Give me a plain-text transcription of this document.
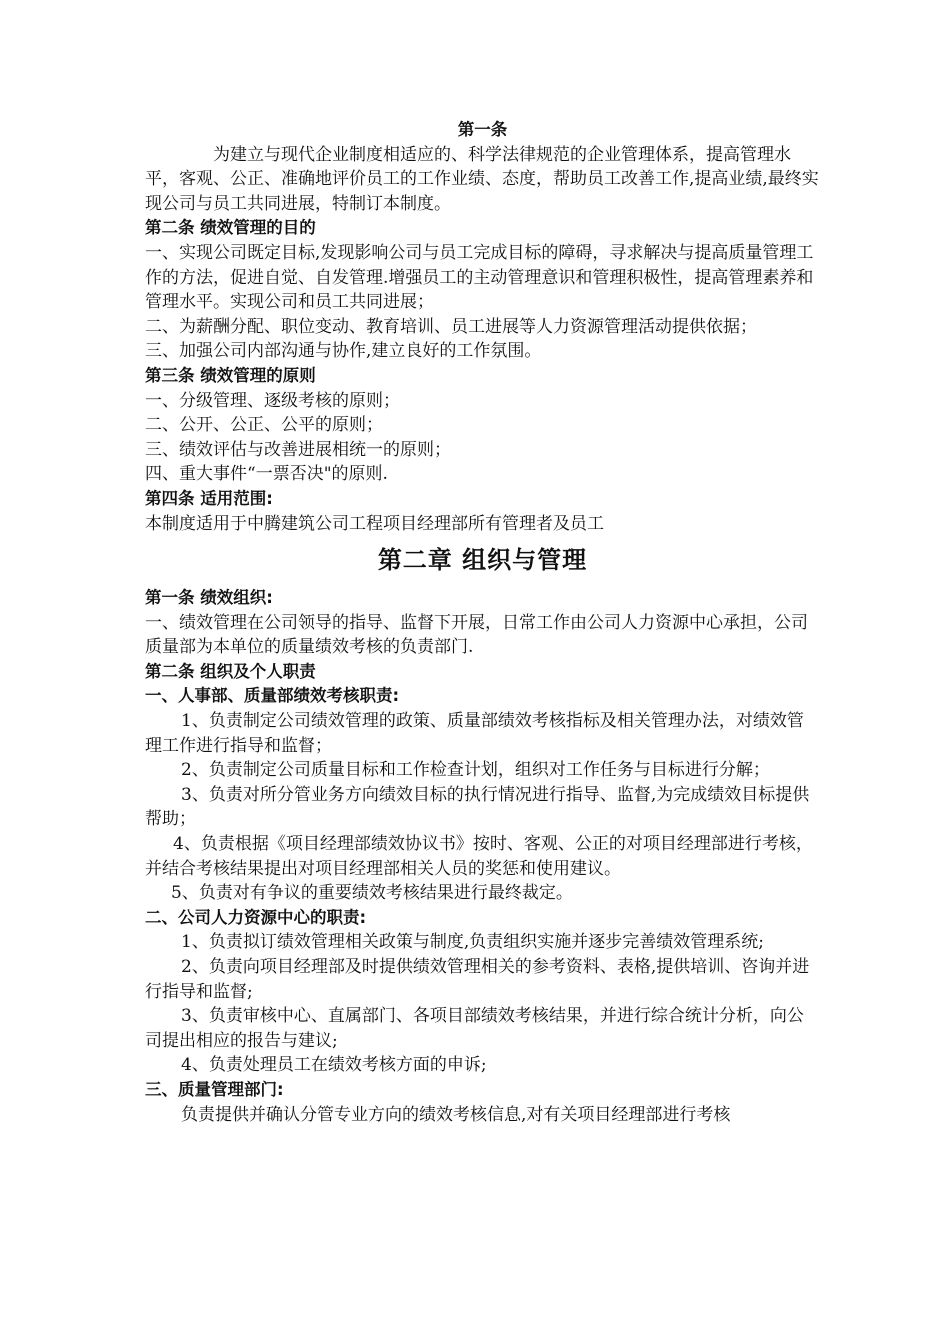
第一条

为建立与现代企业制度相适应的、科学法律规范的企业管理体系，提高管理水平，客观、公正、准确地评价员工的工作业绩、态度，帮助员工改善工作,提高业绩,最终实现公司与员工共同进展，特制订本制度。

第二条 绩效管理的目的

一、实现公司既定目标,发现影响公司与员工完成目标的障碍，寻求解决与提高质量管理工作的方法，促进自觉、自发管理.增强员工的主动管理意识和管理积极性，提高管理素养和管理水平。实现公司和员工共同进展；

二、为薪酬分配、职位变动、教育培训、员工进展等人力资源管理活动提供依据；

三、加强公司内部沟通与协作,建立良好的工作氛围。

第三条 绩效管理的原则

一、分级管理、逐级考核的原则；

二、公开、公正、公平的原则；

三、绩效评估与改善进展相统一的原则；

四、重大事件“一票否决"的原则.

第四条 适用范围:

本制度适用于中腾建筑公司工程项目经理部所有管理者及员工

第二章 组织与管理

第一条 绩效组织:

一、绩效管理在公司领导的指导、监督下开展，日常工作由公司人力资源中心承担，公司质量部为本单位的质量绩效考核的负责部门.

第二条 组织及个人职责

一、人事部、质量部绩效考核职责:

1、负责制定公司绩效管理的政策、质量部绩效考核指标及相关管理办法，对绩效管理工作进行指导和监督；

2、负责制定公司质量目标和工作检查计划，组织对工作任务与目标进行分解；

3、负责对所分管业务方向绩效目标的执行情况进行指导、监督,为完成绩效目标提供帮助；

4、负责根据《项目经理部绩效协议书》按时、客观、公正的对项目经理部进行考核，并结合考核结果提出对项目经理部相关人员的奖惩和使用建议。

5、负责对有争议的重要绩效考核结果进行最终裁定。

二、公司人力资源中心的职责:

1、负责拟订绩效管理相关政策与制度,负责组织实施并逐步完善绩效管理系统;

2、负责向项目经理部及时提供绩效管理相关的参考资料、表格,提供培训、咨询并进行指导和监督;

3、负责审核中心、直属部门、各项目部绩效考核结果，并进行综合统计分析，向公司提出相应的报告与建议;

4、负责处理员工在绩效考核方面的申诉;

三、质量管理部门:

负责提供并确认分管专业方向的绩效考核信息,对有关项目经理部进行考核
